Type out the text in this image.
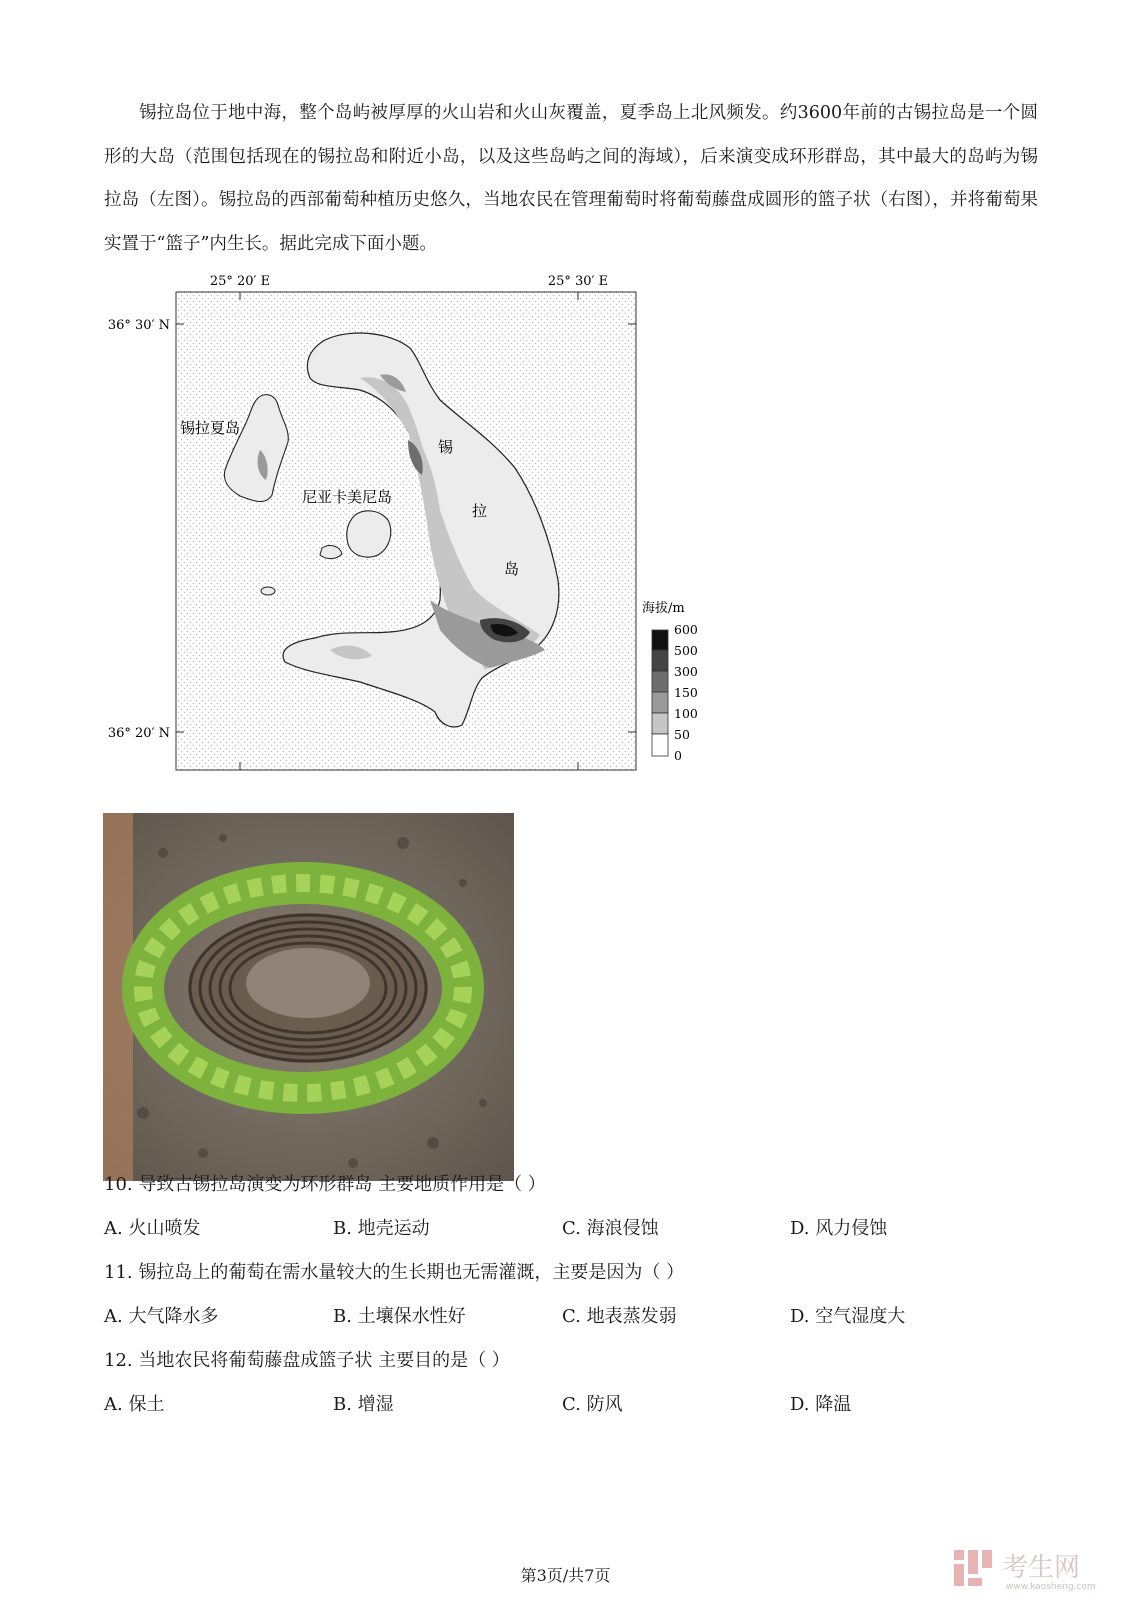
锡拉岛位于地中海，整个岛屿被厚厚的火山岩和火山灰覆盖，夏季岛上北风频发。约3600年前的古锡拉岛是一个圆形的大岛（范围包括现在的锡拉岛和附近小岛，以及这些岛屿之间的海域），后来演变成环形群岛，其中最大的岛屿为锡拉岛（左图）。锡拉岛的西部葡萄种植历史悠久，当地农民在管理葡萄时将葡萄藤盘成圆形的篮子状（右图），并将葡萄果实置于“篮子”内生长。据此完成下面小题。
25° 20′ E	25° 30′ E
36° 30′ N
36° 20′ N
锡拉夏岛
尼亚卡美尼岛
锡
拉
岛
海拔/m
600
500
300
150
100
50
0
10. 导致古锡拉岛演变为环形群岛 主要地质作用是（ ）
A. 火山喷发	B. 地壳运动	C. 海浪侵蚀	D. 风力侵蚀
11. 锡拉岛上的葡萄在需水量较大的生长期也无需灌溉，主要是因为（ ）
A. 大气降水多	B. 土壤保水性好	C. 地表蒸发弱	D. 空气湿度大
12. 当地农民将葡萄藤盘成篮子状 主要目的是（ ）
A. 保土	B. 增湿	C. 防风	D. 降温
第3页/共7页	考生网
www.kaosheng.com
